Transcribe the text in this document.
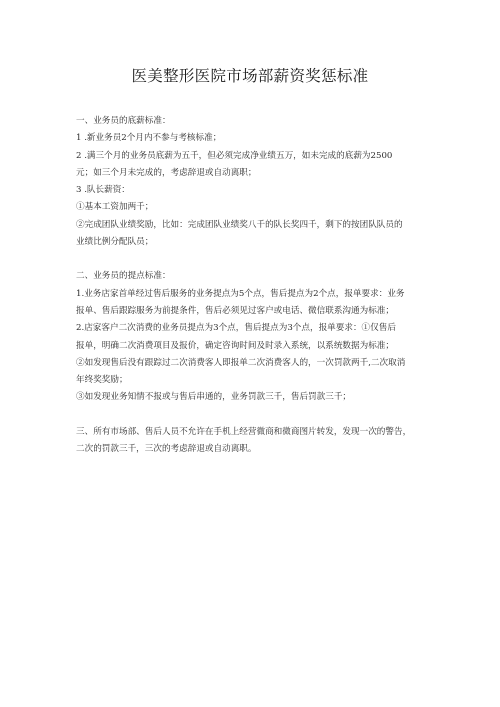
医美整形医院市场部薪资奖惩标准
一、业务员的底薪标准：
1 .新业务员2个月内不参与考核标准；
2 .满三个月的业务员底薪为五千，但必须完成净业绩五万，如未完成的底薪为2500
元；如三个月未完成的，考虑辞退或自动离职；
3 .队长薪资：
①基本工资加两千；
②完成团队业绩奖励，比如：完成团队业绩奖八千的队长奖四千，剩下的按团队队员的
业绩比例分配队员；
二、业务员的提点标准：
1.业务店家首单经过售后服务的业务提点为5个点，售后提点为2个点，报单要求：业务
报单、售后跟踪服务为前提条件，售后必须见过客户或电话、微信联系沟通为标准；
2.店家客户二次消费的业务员提点为3个点，售后提点为3个点，报单要求：①仅售后
报单，明确二次消费项目及报价，确定咨询时间及时录入系统，以系统数据为标准；
②如发现售后没有跟踪过二次消费客人即报单二次消费客人的，一次罚款两千,二次取消
年终奖奖励；
③如发现业务知情不报或与售后串通的，业务罚款三千，售后罚款三千；
三、所有市场部、售后人员不允许在手机上经营微商和微商图片转发，发现一次的警告，
二次的罚款三千，三次的考虑辞退或自动离职。
